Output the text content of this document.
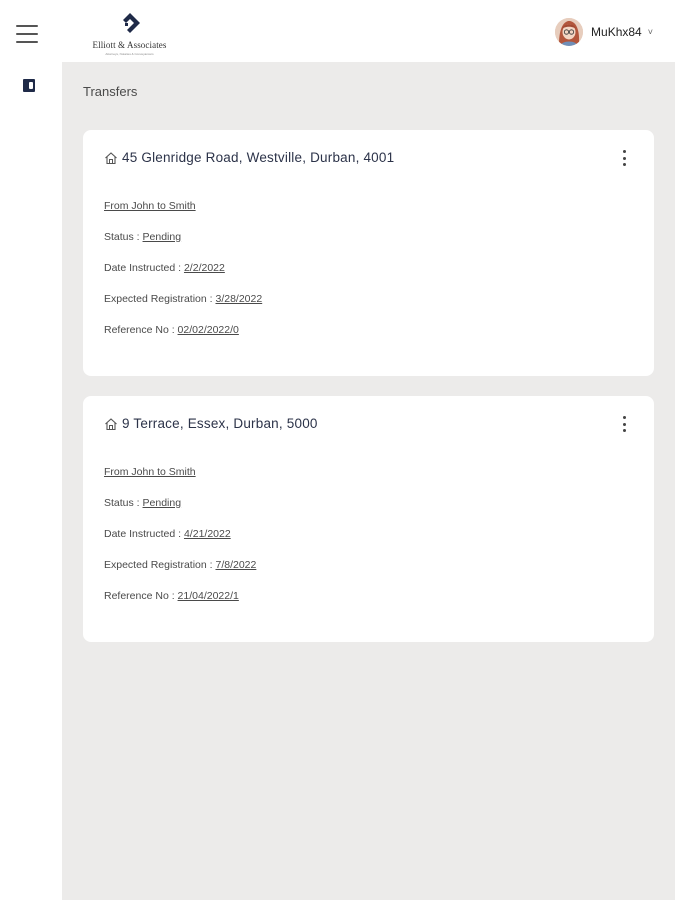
Elliott & Associates
Attorneys, Notaries & Conveyancers
MuKhx84 ˅
Transfers
45 Glenridge Road, Westville, Durban, 4001
From John to Smith
Status : Pending
Date Instructed : 2/2/2022
Expected Registration : 3/28/2022
Reference No : 02/02/2022/0
9 Terrace, Essex, Durban, 5000
From John to Smith
Status : Pending
Date Instructed : 4/21/2022
Expected Registration : 7/8/2022
Reference No : 21/04/2022/1
